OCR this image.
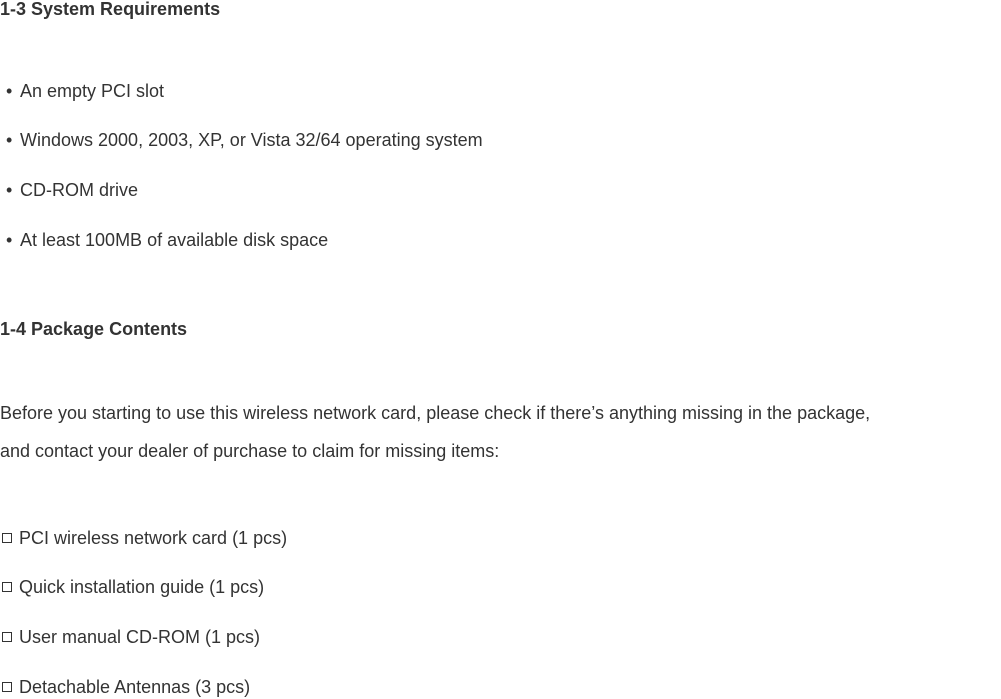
1-3 System Requirements
• An empty PCI slot
• Windows 2000, 2003, XP, or Vista 32/64 operating system
• CD-ROM drive
• At least 100MB of available disk space
1-4 Package Contents
Before you starting to use this wireless network card, please check if there’s anything missing in the package,
and contact your dealer of purchase to claim for missing items:
PCI wireless network card (1 pcs)
Quick installation guide (1 pcs)
User manual CD-ROM (1 pcs)
Detachable Antennas (3 pcs)
